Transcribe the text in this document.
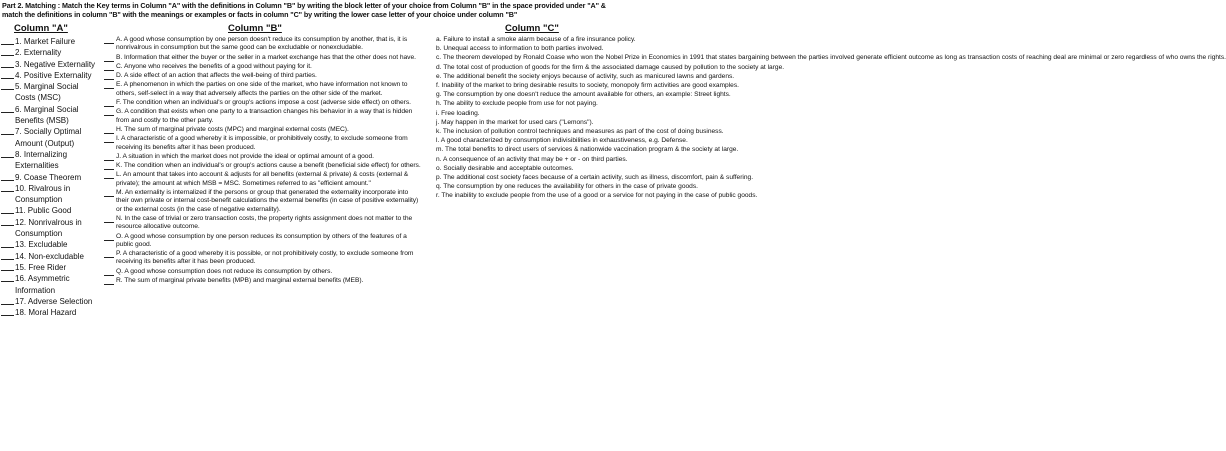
Part 2. Matching : Match the Key terms in Column "A" with the definitions in Column "B" by writing the block letter of your choice from Column "B" in the space provided under "A" & match the definitions in column "B" with the meanings or examples or facts in column "C" by writing the lower case letter of your choice under column "B"
Column "A"	Column "B"	Column "C"
1. Market Failure
2. Externality
3. Negative Externality
4. Positive Externality
5. Marginal Social Costs (MSC)
6. Marginal Social Benefits (MSB)
7. Socially Optimal Amount (Output)
8. Internalizing Externalities
9. Coase Theorem
10. Rivalrous in Consumption
11. Public Good
12. Nonrivalrous in Consumption
13. Excludable
14. Non-excludable
15. Free Rider
16. Asymmetric Information
17. Adverse Selection
18. Moral Hazard
A. A good whose consumption by one person doesn't reduce its consumption by another, that is, it is nonrivalrous in consumption but the same good can be excludable or nonexcludable.
B. Information that either the buyer or the seller in a market exchange has that the other does not have.
C. Anyone who receives the benefits of a good without paying for it.
D. A side effect of an action that affects the well-being of third parties.
E. A phenomenon in which the parties on one side of the market, who have information not known to others, self-select in a way that adversely affects the parties on the other side of the market.
F. The condition when an individual's or group's actions impose a cost (adverse side effect) on others.
G. A condition that exists when one party to a transaction changes his behavior in a way that is hidden from and costly to the other party.
H. The sum of marginal private costs (MPC) and marginal external costs (MEC).
I. A characteristic of a good whereby it is impossible, or prohibitively costly, to exclude someone from receiving its benefits after it has been produced.
J. A situation in which the market does not provide the ideal or optimal amount of a good.
K. The condition when an individual's or group's actions cause a benefit (beneficial side effect) for others.
L. An amount that takes into account & adjusts for all benefits (external & private) & costs (external & private); the amount at which MSB = MSC. Sometimes referred to as "efficient amount."
M. An externality is internalized if the persons or group that generated the externality incorporate into their own private or internal cost-benefit calculations the external benefits (in case of positive externality) or the external costs (in the case of negative externality).
N. In the case of trivial or zero transaction costs, the property rights assignment does not matter to the resource allocative outcome.
O. A good whose consumption by one person reduces its consumption by others of the features of a public good.
P. A characteristic of a good whereby it is possible, or not prohibitively costly, to exclude someone from receiving its benefits after it has been produced.
Q. A good whose consumption does not reduce its consumption by others.
R. The sum of marginal private benefits (MPB) and marginal external benefits (MEB).
a. Failure to install a smoke alarm because of a fire insurance policy.
b. Unequal access to information to both parties involved.
c. The theorem developed by Ronald Coase who won the Nobel Prize in Economics in 1991 that states bargaining between the parties involved generate efficient outcome as long as transaction costs of reaching deal are minimal or zero regardless of who owns the rights.
d. The total cost of production of goods for the firm & the associated damage caused by pollution to the society at large.
e. The additional benefit the society enjoys because of activity, such as manicured lawns and gardens.
f. Inability of the market to bring desirable results to society, monopoly firm activities are good examples.
g. The consumption by one doesn't reduce the amount available for others, an example: Street lights.
h. The ability to exclude people from use for not paying.
i. Free loading.
j. May happen in the market for used cars ("Lemons").
k. The inclusion of pollution control techniques and measures as part of the cost of doing business.
l. A good characterized by consumption indivisibilities in exhaustiveness, e.g. Defense.
m. The total benefits to direct users of services & nationwide vaccination program & the society at large.
n. A consequence of an activity that may be + or - on third parties.
o. Socially desirable and acceptable outcomes.
p. The additional cost society faces because of a certain activity, such as illness, discomfort, pain & suffering.
q. The consumption by one reduces the availability for others in the case of private goods.
r. The inability to exclude people from the use of a good or a service for not paying in the case of public goods.
